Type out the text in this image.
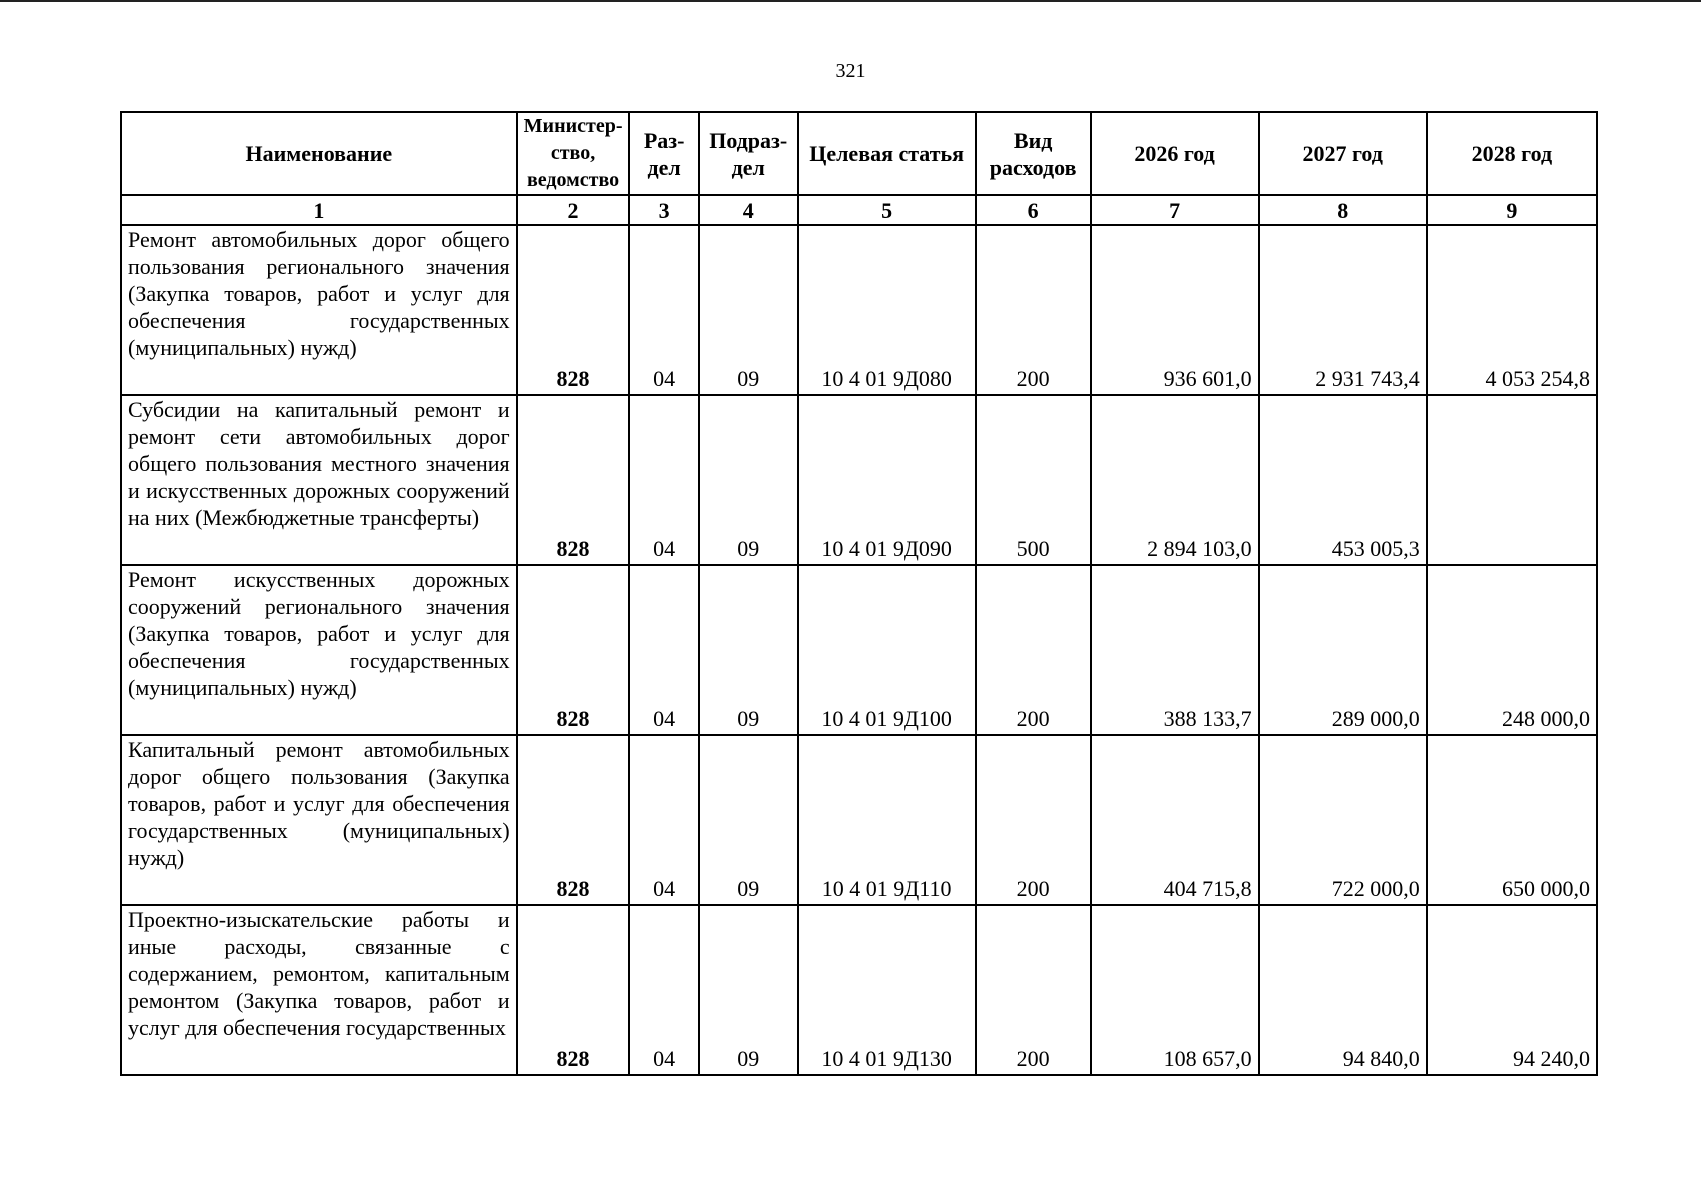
321
Наименование	Министер-ство, ведомство	Раз-дел	Подраз-дел	Целевая статья	Вид расходов	2026 год	2027 год	2028 год
1	2	3	4	5	6	7	8	9
Ремонт автомобильных дорог общего пользования регионального значения (Закупка товаров, работ и услуг для обеспечения государственных (муниципальных) нужд)	828	04	09	10 4 01 9Д080	200	936 601,0	2 931 743,4	4 053 254,8
Субсидии на капитальный ремонт и ремонт сети автомобильных дорог общего пользования местного значения и искусственных дорожных сооружений на них (Межбюджетные трансферты)	828	04	09	10 4 01 9Д090	500	2 894 103,0	453 005,3	
Ремонт искусственных дорожных сооружений регионального значения (Закупка товаров, работ и услуг для обеспечения государственных (муниципальных) нужд)	828	04	09	10 4 01 9Д100	200	388 133,7	289 000,0	248 000,0
Капитальный ремонт автомобильных дорог общего пользования (Закупка товаров, работ и услуг для обеспечения государственных (муниципальных) нужд)	828	04	09	10 4 01 9Д110	200	404 715,8	722 000,0	650 000,0
Проектно-изыскательские работы и иные расходы, связанные с содержанием, ремонтом, капитальным ремонтом (Закупка товаров, работ и услуг для обеспечения государственных	828	04	09	10 4 01 9Д130	200	108 657,0	94 840,0	94 240,0
